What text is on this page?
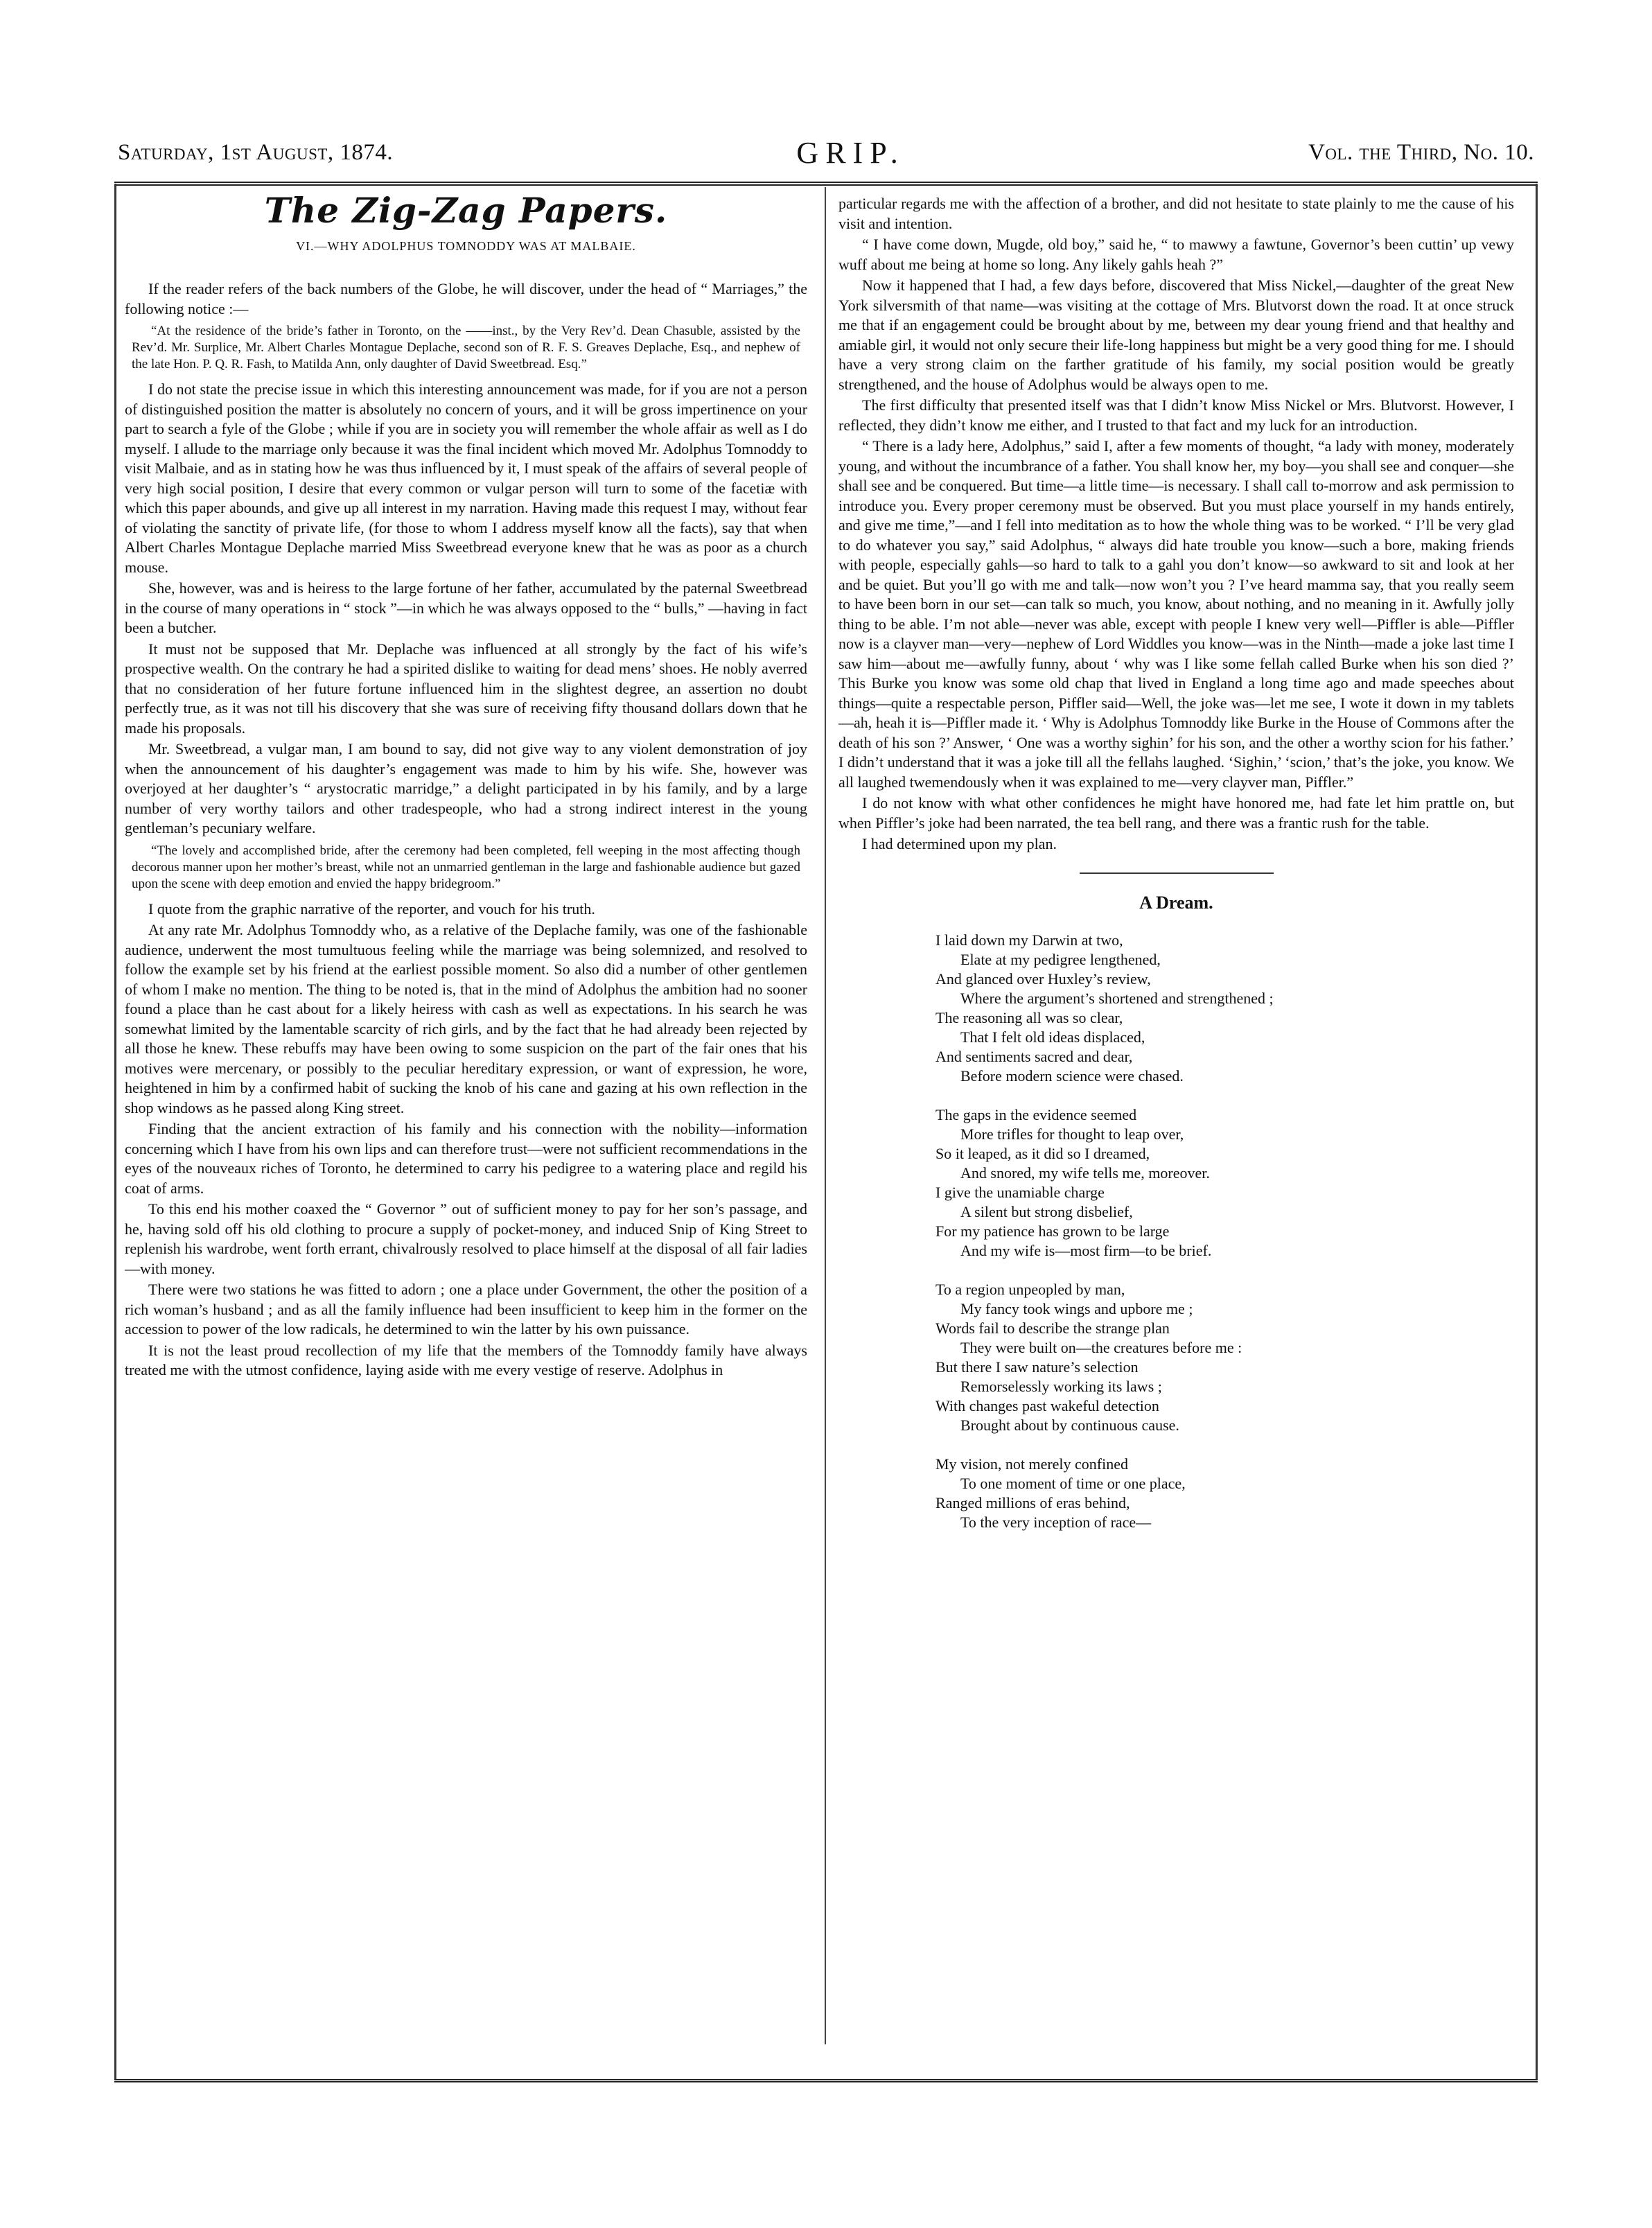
Saturday, 1st August, 1874.	GRIP.	Vol. the Third, No. 10.
The Zig-Zag Papers.
VI.—WHY ADOLPHUS TOMNODDY WAS AT MALBAIE.

If the reader refers of the back numbers of the Globe, he will discover, under the head of “ Marriages,” the following notice :—

“At the residence of the bride’s father in Toronto, on the ——inst., by the Very Rev’d. Dean Chasuble, assisted by the Rev’d. Mr. Surplice, Mr. Albert Charles Montague Deplache, second son of R. F. S. Greaves Deplache, Esq., and nephew of the late Hon. P. Q. R. Fash, to Matilda Ann, only daughter of David Sweetbread. Esq.”

I do not state the precise issue in which this interesting announcement was made, for if you are not a person of distinguished position the matter is absolutely no concern of yours, and it will be gross impertinence on your part to search a fyle of the Globe ; while if you are in society you will remember the whole affair as well as I do myself. I allude to the marriage only because it was the final incident which moved Mr. Adolphus Tomnoddy to visit Malbaie, and as in stating how he was thus influenced by it, I must speak of the affairs of several people of very high social position, I desire that every common or vulgar person will turn to some of the facetiæ with which this paper abounds, and give up all interest in my narration. Having made this request I may, without fear of violating the sanctity of private life, (for those to whom I address myself know all the facts), say that when Albert Charles Montague Deplache married Miss Sweetbread everyone knew that he was as poor as a church mouse.

She, however, was and is heiress to the large fortune of her father, accumulated by the paternal Sweetbread in the course of many operations in “ stock ”—in which he was always opposed to the “ bulls,” —having in fact been a butcher.

It must not be supposed that Mr. Deplache was influenced at all strongly by the fact of his wife’s prospective wealth. On the contrary he had a spirited dislike to waiting for dead mens’ shoes. He nobly averred that no consideration of her future fortune influenced him in the slightest degree, an assertion no doubt perfectly true, as it was not till his discovery that she was sure of receiving fifty thousand dollars down that he made his proposals.

Mr. Sweetbread, a vulgar man, I am bound to say, did not give way to any violent demonstration of joy when the announcement of his daughter’s engagement was made to him by his wife. She, however was overjoyed at her daughter’s “ arystocratic marridge,” a delight participated in by his family, and by a large number of very worthy tailors and other tradespeople, who had a strong indirect interest in the young gentleman’s pecuniary welfare.

“The lovely and accomplished bride, after the ceremony had been completed, fell weeping in the most affecting though decorous manner upon her mother’s breast, while not an unmarried gentleman in the large and fashionable audience but gazed upon the scene with deep emotion and envied the happy bridegroom.”

I quote from the graphic narrative of the reporter, and vouch for his truth.

At any rate Mr. Adolphus Tomnoddy who, as a relative of the Deplache family, was one of the fashionable audience, underwent the most tumultuous feeling while the marriage was being solemnized, and resolved to follow the example set by his friend at the earliest possible moment. So also did a number of other gentlemen of whom I make no mention. The thing to be noted is, that in the mind of Adolphus the ambition had no sooner found a place than he cast about for a likely heiress with cash as well as expectations. In his search he was somewhat limited by the lamentable scarcity of rich girls, and by the fact that he had already been rejected by all those he knew. These rebuffs may have been owing to some suspicion on the part of the fair ones that his motives were mercenary, or possibly to the peculiar hereditary expression, or want of expression, he wore, heightened in him by a confirmed habit of sucking the knob of his cane and gazing at his own reflection in the shop windows as he passed along King street.

Finding that the ancient extraction of his family and his connection with the nobility—information concerning which I have from his own lips and can therefore trust—were not sufficient recommendations in the eyes of the nouveaux riches of Toronto, he determined to carry his pedigree to a watering place and regild his coat of arms.

To this end his mother coaxed the “ Governor ” out of sufficient money to pay for her son’s passage, and he, having sold off his old clothing to procure a supply of pocket-money, and induced Snip of King Street to replenish his wardrobe, went forth errant, chivalrously resolved to place himself at the disposal of all fair ladies—with money.

There were two stations he was fitted to adorn ; one a place under Government, the other the position of a rich woman’s husband ; and as all the family influence had been insufficient to keep him in the former on the accession to power of the low radicals, he determined to win the latter by his own puissance.

It is not the least proud recollection of my life that the members of the Tomnoddy family have always treated me with the utmost confidence, laying aside with me every vestige of reserve. Adolphus in

particular regards me with the affection of a brother, and did not hesitate to state plainly to me the cause of his visit and intention.

“ I have come down, Mugde, old boy,” said he, “ to mawwy a fawtune, Governor’s been cuttin’ up vewy wuff about me being at home so long. Any likely gahls heah ?”

Now it happened that I had, a few days before, discovered that Miss Nickel,—daughter of the great New York silversmith of that name—was visiting at the cottage of Mrs. Blutvorst down the road. It at once struck me that if an engagement could be brought about by me, between my dear young friend and that healthy and amiable girl, it would not only secure their life-long happiness but might be a very good thing for me. I should have a very strong claim on the farther gratitude of his family, my social position would be greatly strengthened, and the house of Adolphus would be always open to me.

The first difficulty that presented itself was that I didn’t know Miss Nickel or Mrs. Blutvorst. However, I reflected, they didn’t know me either, and I trusted to that fact and my luck for an introduction.

“ There is a lady here, Adolphus,” said I, after a few moments of thought, “a lady with money, moderately young, and without the incumbrance of a father. You shall know her, my boy—you shall see and conquer—she shall see and be conquered. But time—a little time—is necessary. I shall call to-morrow and ask permission to introduce you. Every proper ceremony must be observed. But you must place yourself in my hands entirely, and give me time,”—and I fell into meditation as to how the whole thing was to be worked. “ I’ll be very glad to do whatever you say,” said Adolphus, “ always did hate trouble you know—such a bore, making friends with people, especially gahls—so hard to talk to a gahl you don’t know—so awkward to sit and look at her and be quiet. But you’ll go with me and talk—now won’t you ? I’ve heard mamma say, that you really seem to have been born in our set—can talk so much, you know, about nothing, and no meaning in it. Awfully jolly thing to be able. I’m not able—never was able, except with people I knew very well—Piffler is able—Piffler now is a clayver man—very—nephew of Lord Widdles you know—was in the Ninth—made a joke last time I saw him—about me—awfully funny, about ‘ why was I like some fellah called Burke when his son died ?’ This Burke you know was some old chap that lived in England a long time ago and made speeches about things—quite a respectable person, Piffler said—Well, the joke was—let me see, I wote it down in my tablets—ah, heah it is—Piffler made it. ‘ Why is Adolphus Tomnoddy like Burke in the House of Commons after the death of his son ?’ Answer, ‘ One was a worthy sighin’ for his son, and the other a worthy scion for his father.’ I didn’t understand that it was a joke till all the fellahs laughed. ‘Sighin,’ ‘scion,’ that’s the joke, you know. We all laughed twemendously when it was explained to me—very clayver man, Piffler.”

I do not know with what other confidences he might have honored me, had fate let him prattle on, but when Piffler’s joke had been narrated, the tea bell rang, and there was a frantic rush for the table.

I had determined upon my plan.

A Dream.
I laid down my Darwin at two,
Elate at my pedigree lengthened,
And glanced over Huxley’s review,
Where the argument’s shortened and strengthened ;
The reasoning all was so clear,
That I felt old ideas displaced,
And sentiments sacred and dear,
Before modern science were chased.
The gaps in the evidence seemed
More trifles for thought to leap over,
So it leaped, as it did so I dreamed,
And snored, my wife tells me, moreover.
I give the unamiable charge
A silent but strong disbelief,
For my patience has grown to be large
And my wife is—most firm—to be brief.
To a region unpeopled by man,
My fancy took wings and upbore me ;
Words fail to describe the strange plan
They were built on—the creatures before me :
But there I saw nature’s selection
Remorselessly working its laws ;
With changes past wakeful detection
Brought about by continuous cause.
My vision, not merely confined
To one moment of time or one place,
Ranged millions of eras behind,
To the very inception of race—
